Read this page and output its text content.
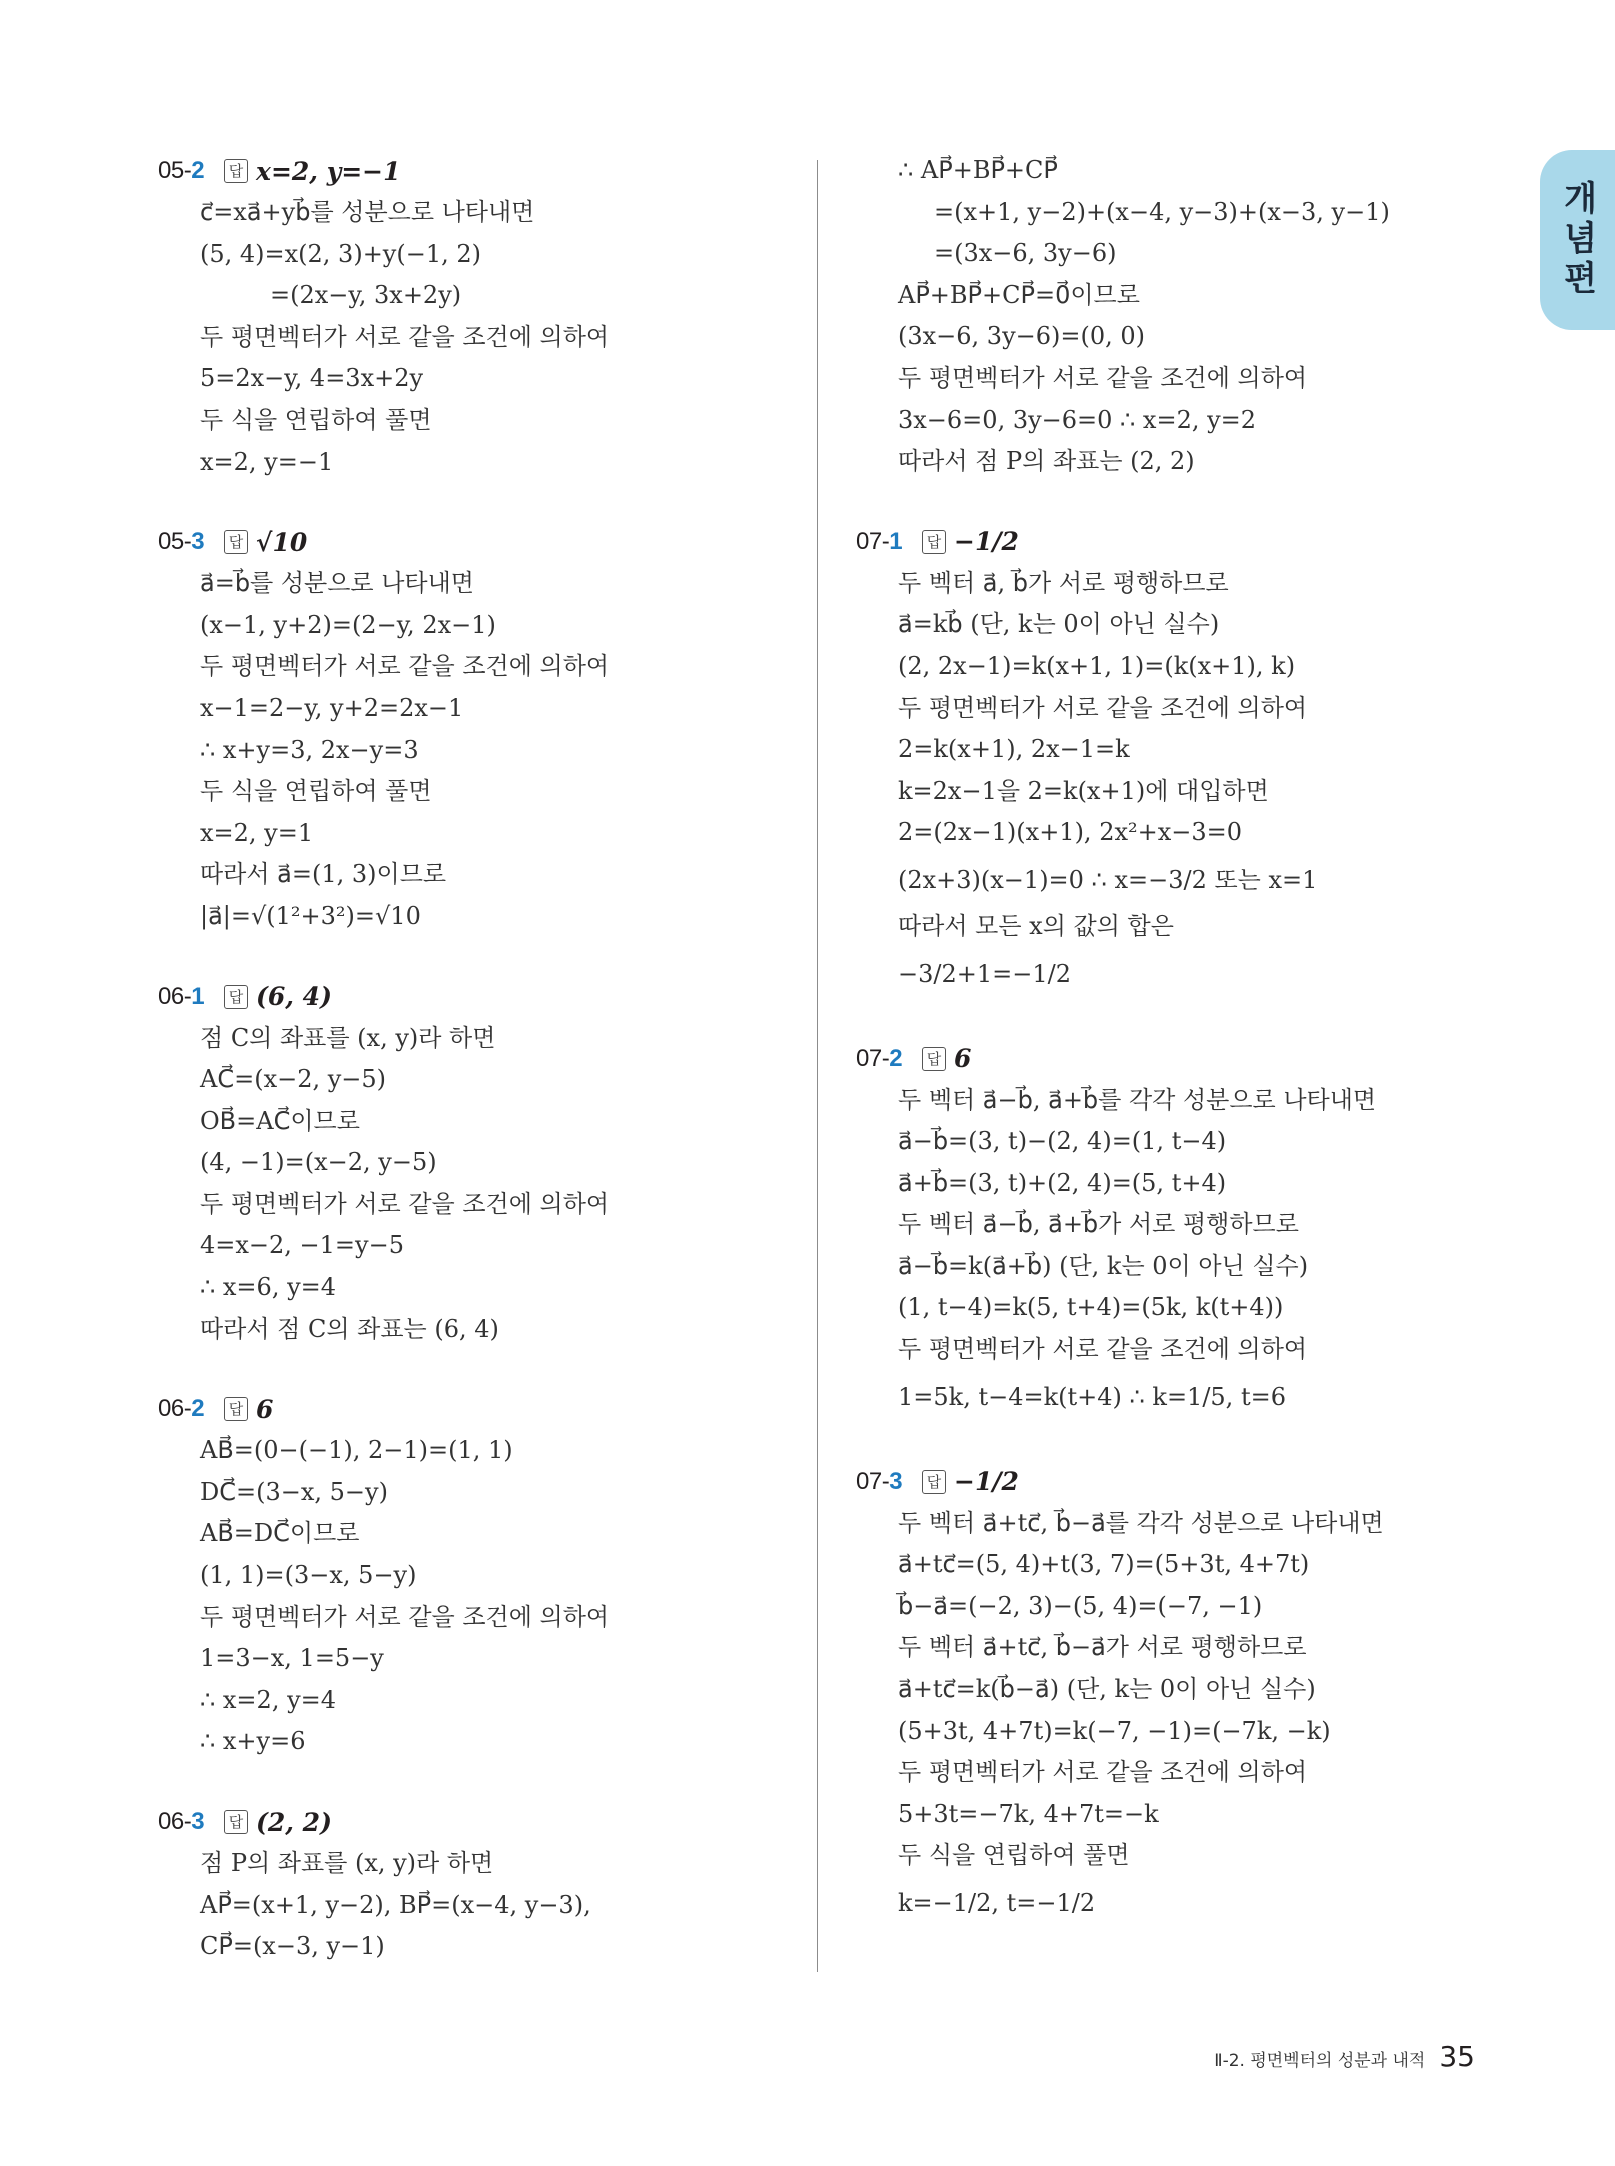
개념편
05-2	답 x=2, y=−1
c⃗=xa⃗+yb⃗를 성분으로 나타내면
(5, 4)=x(2, 3)+y(−1, 2)
=(2x−y, 3x+2y)
두 평면벡터가 서로 같을 조건에 의하여
5=2x−y, 4=3x+2y
두 식을 연립하여 풀면
x=2, y=−1
05-3	답 √10
a⃗=b⃗를 성분으로 나타내면
(x−1, y+2)=(2−y, 2x−1)
두 평면벡터가 서로 같을 조건에 의하여
x−1=2−y, y+2=2x−1
∴ x+y=3, 2x−y=3
두 식을 연립하여 풀면
x=2, y=1
따라서 a⃗=(1, 3)이므로
|a⃗|=√(1²+3²)=√10
06-1	답 (6, 4)
점 C의 좌표를 (x, y)라 하면
AC⃗=(x−2, y−5)
OB⃗=AC⃗이므로
(4, −1)=(x−2, y−5)
두 평면벡터가 서로 같을 조건에 의하여
4=x−2, −1=y−5
∴ x=6, y=4
따라서 점 C의 좌표는 (6, 4)
06-2	답 6
AB⃗=(0−(−1), 2−1)=(1, 1)
DC⃗=(3−x, 5−y)
AB⃗=DC⃗이므로
(1, 1)=(3−x, 5−y)
두 평면벡터가 서로 같을 조건에 의하여
1=3−x, 1=5−y
∴ x=2, y=4
∴ x+y=6
06-3	답 (2, 2)
점 P의 좌표를 (x, y)라 하면
AP⃗=(x+1, y−2), BP⃗=(x−4, y−3),
CP⃗=(x−3, y−1)
∴ AP⃗+BP⃗+CP⃗
=(x+1, y−2)+(x−4, y−3)+(x−3, y−1)
=(3x−6, 3y−6)
AP⃗+BP⃗+CP⃗=0⃗이므로
(3x−6, 3y−6)=(0, 0)
두 평면벡터가 서로 같을 조건에 의하여
3x−6=0, 3y−6=0 ∴ x=2, y=2
따라서 점 P의 좌표는 (2, 2)
07-1	답 −1/2
두 벡터 a⃗, b⃗가 서로 평행하므로
a⃗=kb⃗ (단, k는 0이 아닌 실수)
(2, 2x−1)=k(x+1, 1)=(k(x+1), k)
두 평면벡터가 서로 같을 조건에 의하여
2=k(x+1), 2x−1=k
k=2x−1을 2=k(x+1)에 대입하면
2=(2x−1)(x+1), 2x²+x−3=0
(2x+3)(x−1)=0 ∴ x=−3/2 또는 x=1
따라서 모든 x의 값의 합은
−3/2+1=−1/2
07-2	답 6
두 벡터 a⃗−b⃗, a⃗+b⃗를 각각 성분으로 나타내면
a⃗−b⃗=(3, t)−(2, 4)=(1, t−4)
a⃗+b⃗=(3, t)+(2, 4)=(5, t+4)
두 벡터 a⃗−b⃗, a⃗+b⃗가 서로 평행하므로
a⃗−b⃗=k(a⃗+b⃗) (단, k는 0이 아닌 실수)
(1, t−4)=k(5, t+4)=(5k, k(t+4))
두 평면벡터가 서로 같을 조건에 의하여
1=5k, t−4=k(t+4) ∴ k=1/5, t=6
07-3	답 −1/2
두 벡터 a⃗+tc⃗, b⃗−a⃗를 각각 성분으로 나타내면
a⃗+tc⃗=(5, 4)+t(3, 7)=(5+3t, 4+7t)
b⃗−a⃗=(−2, 3)−(5, 4)=(−7, −1)
두 벡터 a⃗+tc⃗, b⃗−a⃗가 서로 평행하므로
a⃗+tc⃗=k(b⃗−a⃗) (단, k는 0이 아닌 실수)
(5+3t, 4+7t)=k(−7, −1)=(−7k, −k)
두 평면벡터가 서로 같을 조건에 의하여
5+3t=−7k, 4+7t=−k
두 식을 연립하여 풀면
k=−1/2, t=−1/2
Ⅱ-2. 평면벡터의 성분과 내적 35
